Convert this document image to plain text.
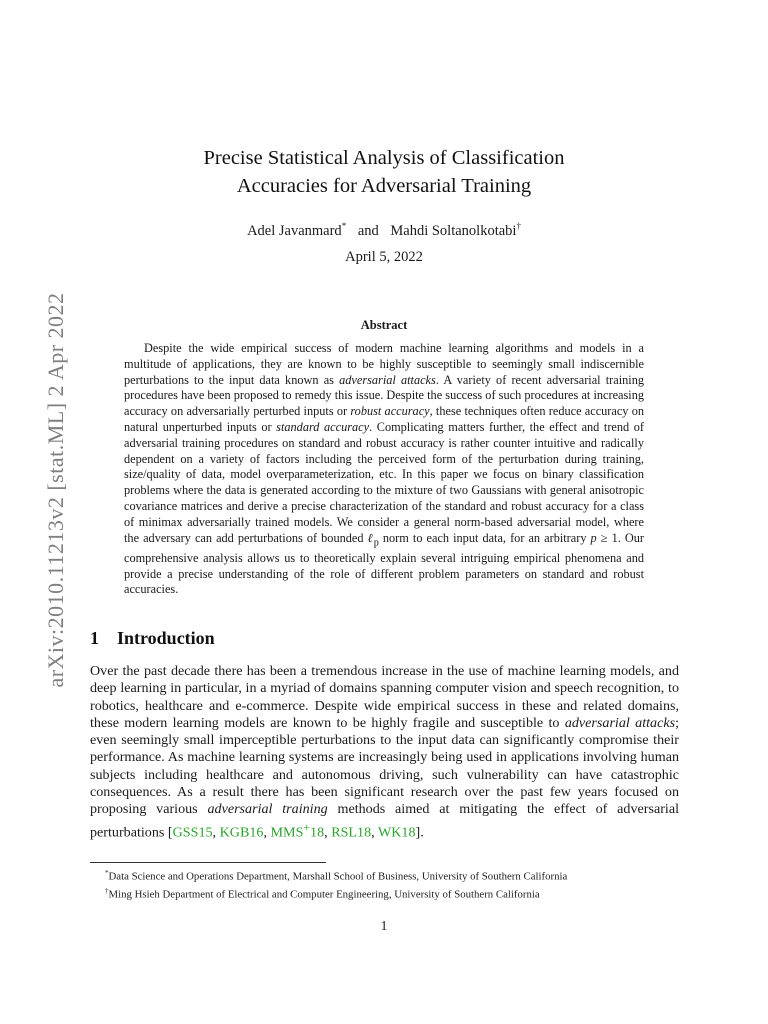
arXiv:2010.11213v2 [stat.ML] 2 Apr 2022
Precise Statistical Analysis of Classification
Accuracies for Adversarial Training
Adel Javanmard* and Mahdi Soltanolkotabi†
April 5, 2022
Abstract

Despite the wide empirical success of modern machine learning algorithms and models in a multitude of applications, they are known to be highly susceptible to seemingly small indiscernible perturbations to the input data known as adversarial attacks. A variety of recent adversarial training procedures have been proposed to remedy this issue. Despite the success of such procedures at increasing accuracy on adversarially perturbed inputs or robust accuracy, these techniques often reduce accuracy on natural unperturbed inputs or standard accuracy. Complicating matters further, the effect and trend of adversarial training procedures on standard and robust accuracy is rather counter intuitive and radically dependent on a variety of factors including the perceived form of the perturbation during training, size/quality of data, model overparameterization, etc. In this paper we focus on binary classification problems where the data is generated according to the mixture of two Gaussians with general anisotropic covariance matrices and derive a precise characterization of the standard and robust accuracy for a class of minimax adversarially trained models. We consider a general norm-based adversarial model, where the adversary can add perturbations of bounded ℓ$_p$ norm to each input data, for an arbitrary p ≥ 1. Our comprehensive analysis allows us to theoretically explain several intriguing empirical phenomena and provide a precise understanding of the role of different problem parameters on standard and robust accuracies.

1 Introduction

Over the past decade there has been a tremendous increase in the use of machine learning models, and deep learning in particular, in a myriad of domains spanning computer vision and speech recognition, to robotics, healthcare and e-commerce. Despite wide empirical success in these and related domains, these modern learning models are known to be highly fragile and susceptible to adversarial attacks; even seemingly small imperceptible perturbations to the input data can significantly compromise their performance. As machine learning systems are increasingly being used in applications involving human subjects including healthcare and autonomous driving, such vulnerability can have catastrophic consequences. As a result there has been significant research over the past few years focused on proposing various adversarial training methods aimed at mitigating the effect of adversarial perturbations [GSS15, KGB16, MMS+18, RSL18, WK18].

*Data Science and Operations Department, Marshall School of Business, University of Southern California
†Ming Hsieh Department of Electrical and Computer Engineering, University of Southern California
1
